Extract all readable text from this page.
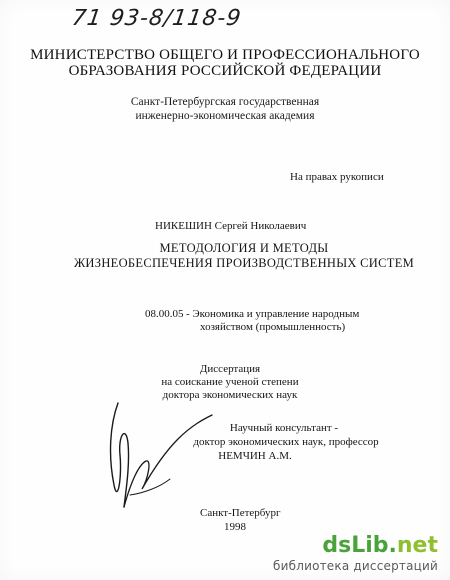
71 93-8/118-9
МИНИСТЕРСТВО ОБЩЕГО И ПРОФЕССИОНАЛЬНОГО
ОБРАЗОВАНИЯ РОССИЙСКОЙ ФЕДЕРАЦИИ
Санкт-Петербургская государственная
инженерно-экономическая академия
На правах рукописи
НИКЕШИН Сергей Николаевич
МЕТОДОЛОГИЯ И МЕТОДЫ
ЖИЗНЕОБЕСПЕЧЕНИЯ ПРОИЗВОДСТВЕННЫХ СИСТЕМ
08.00.05 - Экономика и управление народным
хозяйством (промышленность)
Диссертация
на соискание ученой степени
доктора экономических наук
Научный консультант -
доктор экономических наук, профессор
НЕМЧИН А.М.
Санкт-Петербург
1998
dsLib.net
библиотека диссертаций
